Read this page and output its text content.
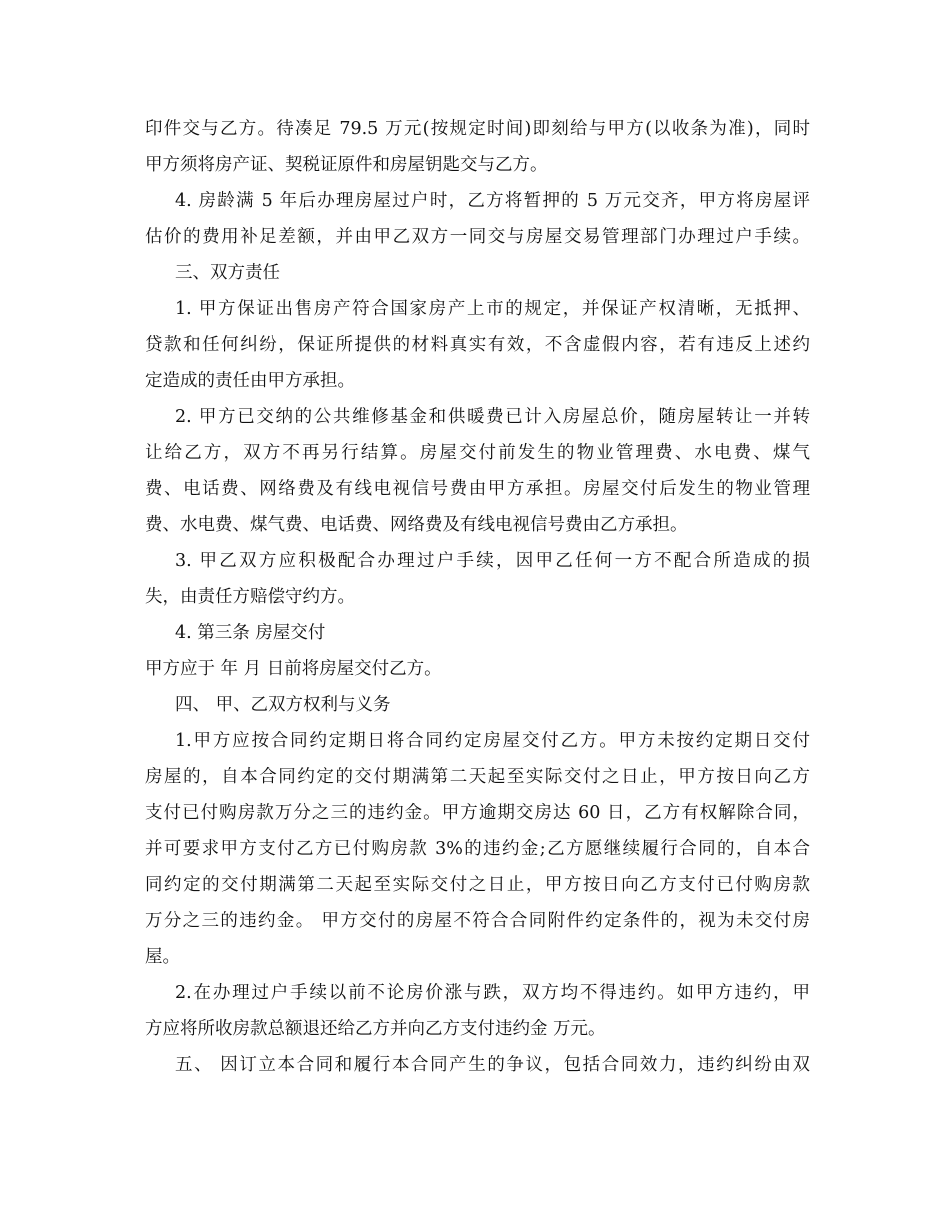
印件交与乙方。待凑足 79.5 万元(按规定时间)即刻给与甲方(以收条为准)，同时
甲方须将房产证、契税证原件和房屋钥匙交与乙方。
4. 房龄满 5 年后办理房屋过户时，乙方将暂押的 5 万元交齐，甲方将房屋评
估价的费用补足差额，并由甲乙双方一同交与房屋交易管理部门办理过户手续。
三、双方责任
1. 甲方保证出售房产符合国家房产上市的规定，并保证产权清晰，无抵押、
贷款和任何纠纷，保证所提供的材料真实有效，不含虚假内容，若有违反上述约
定造成的责任由甲方承担。
2. 甲方已交纳的公共维修基金和供暖费已计入房屋总价，随房屋转让一并转
让给乙方，双方不再另行结算。房屋交付前发生的物业管理费、水电费、煤气
费、电话费、网络费及有线电视信号费由甲方承担。房屋交付后发生的物业管理
费、水电费、煤气费、电话费、网络费及有线电视信号费由乙方承担。
3. 甲乙双方应积极配合办理过户手续，因甲乙任何一方不配合所造成的损
失，由责任方赔偿守约方。
4. 第三条 房屋交付
甲方应于 年 月 日前将房屋交付乙方。
四、 甲、乙双方权利与义务
1.甲方应按合同约定期日将合同约定房屋交付乙方。甲方未按约定期日交付
房屋的，自本合同约定的交付期满第二天起至实际交付之日止，甲方按日向乙方
支付已付购房款万分之三的违约金。甲方逾期交房达 60 日，乙方有权解除合同，
并可要求甲方支付乙方已付购房款 3%的违约金;乙方愿继续履行合同的，自本合
同约定的交付期满第二天起至实际交付之日止，甲方按日向乙方支付已付购房款
万分之三的违约金。 甲方交付的房屋不符合合同附件约定条件的，视为未交付房
屋。
2.在办理过户手续以前不论房价涨与跌，双方均不得违约。如甲方违约，甲
方应将所收房款总额退还给乙方并向乙方支付违约金 万元。
五、 因订立本合同和履行本合同产生的争议，包括合同效力，违约纠纷由双
